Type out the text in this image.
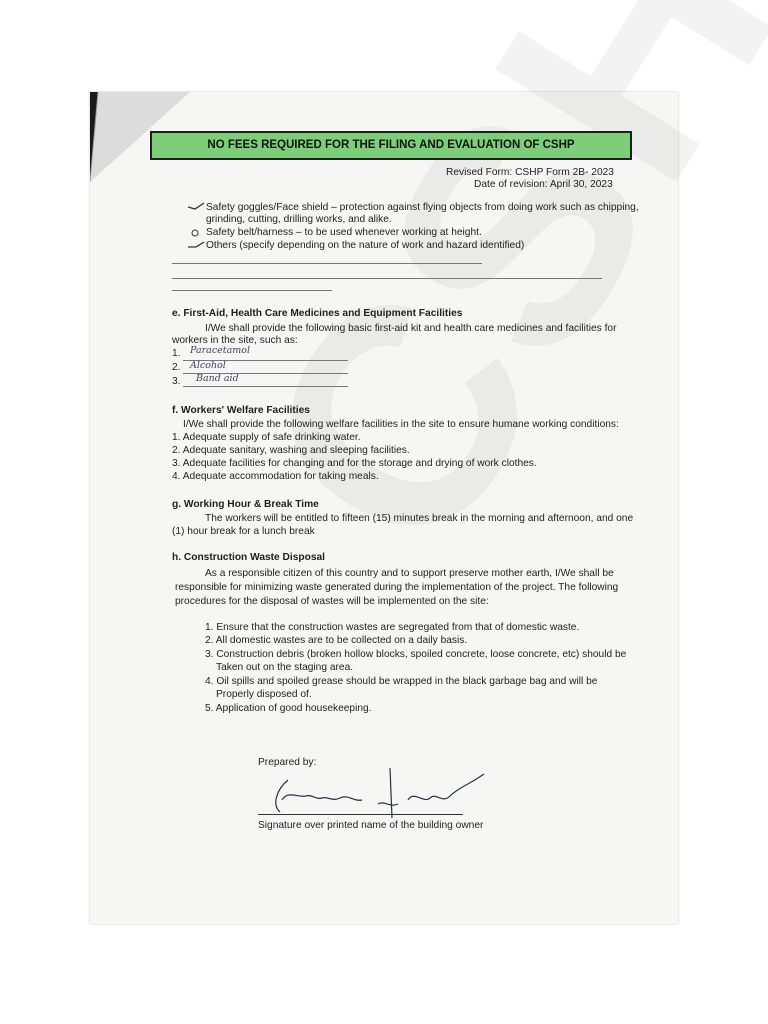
NO FEES REQUIRED FOR THE FILING AND EVALUATION OF CSHP
Revised Form: CSHP Form 2B- 2023
Date of revision: April 30, 2023
Safety goggles/Face shield – protection against flying objects from doing work such as chipping,
grinding, cutting, drilling works, and alike.
Safety belt/harness – to be used whenever working at height.
Others (specify depending on the nature of work and hazard identified)
e. First-Aid, Health Care Medicines and Equipment Facilities
I/We shall provide the following basic first-aid kit and health care medicines and facilities for
workers in the site, such as:
1. Paracetamol
2. Alcohol
3. Band aid
f. Workers' Welfare Facilities
I/We shall provide the following welfare facilities in the site to ensure humane working conditions:
1. Adequate supply of safe drinking water.
2. Adequate sanitary, washing and sleeping facilities.
3. Adequate facilities for changing and for the storage and drying of work clothes.
4. Adequate accommodation for taking meals.
g. Working Hour & Break Time
The workers will be entitled to fifteen (15) minutes break in the morning and afternoon, and one
(1) hour break for a lunch break
h. Construction Waste Disposal
As a responsible citizen of this country and to support preserve mother earth, I/We shall be
responsible for minimizing waste generated during the implementation of the project. The following
procedures for the disposal of wastes will be implemented on the site:
1. Ensure that the construction wastes are segregated from that of domestic waste.
2. All domestic wastes are to be collected on a daily basis.
3. Construction debris (broken hollow blocks, spoiled concrete, loose concrete, etc) should be
Taken out on the staging area.
4. Oil spills and spoiled grease should be wrapped in the black garbage bag and will be
Properly disposed of.
5. Application of good housekeeping.
Prepared by:
Signature over printed name of the building owner
